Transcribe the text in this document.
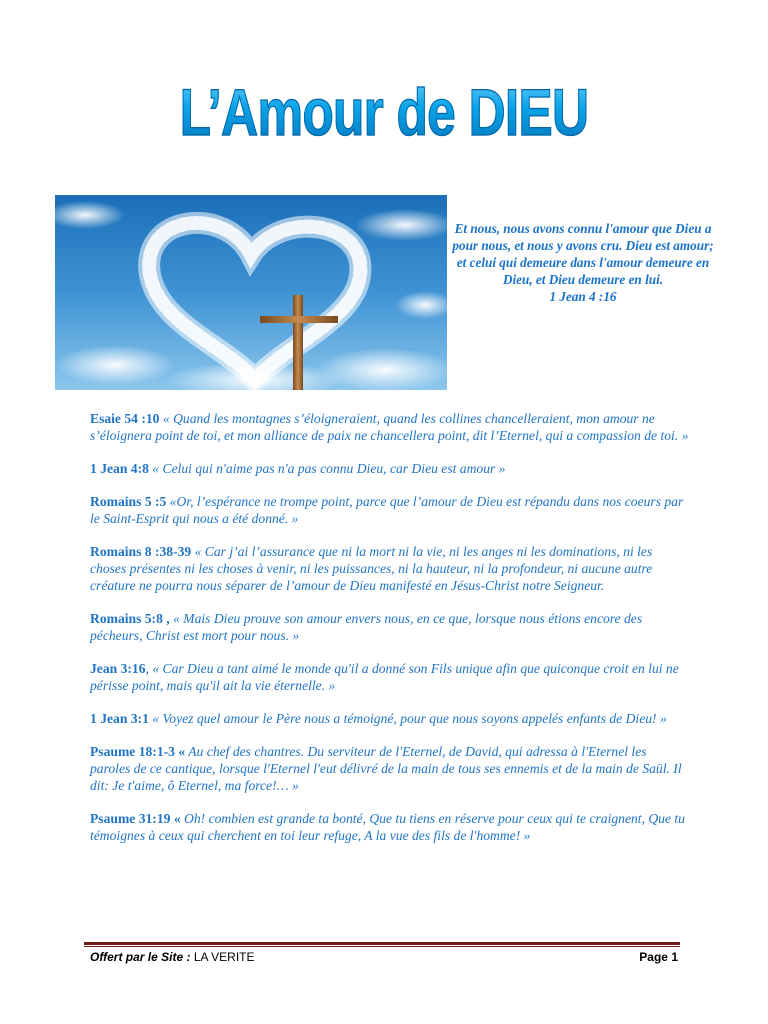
L’Amour de DIEU
Et nous, nous avons connu l'amour que Dieu a pour nous, et nous y avons cru. Dieu est amour; et celui qui demeure dans l'amour demeure en Dieu, et Dieu demeure en lui.
1 Jean 4 :16

Esaie 54 :10 « Quand les montagnes s’éloigneraient, quand les collines chancelleraient, mon amour ne s’éloignera point de toi, et mon alliance de paix ne chancellera point, dit l’Eternel, qui a compassion de toi. »

1 Jean 4:8 « Celui qui n'aime pas n'a pas connu Dieu, car Dieu est amour »

Romains 5 :5 «Or, l’espérance ne trompe point, parce que l’amour de Dieu est répandu dans nos coeurs par le Saint-Esprit qui nous a été donné. »

Romains 8 :38-39 « Car j’ai l’assurance que ni la mort ni la vie, ni les anges ni les dominations, ni les choses présentes ni les choses à venir, ni les puissances, ni la hauteur, ni la profondeur, ni aucune autre créature ne pourra nous séparer de l’amour de Dieu manifesté en Jésus-Christ notre Seigneur.

Romains 5:8 , « Mais Dieu prouve son amour envers nous, en ce que, lorsque nous étions encore des pécheurs, Christ est mort pour nous. »

Jean 3:16, « Car Dieu a tant aimé le monde qu'il a donné son Fils unique afin que quiconque croit en lui ne périsse point, mais qu'il ait la vie éternelle. »

1 Jean 3:1 « Voyez quel amour le Père nous a témoigné, pour que nous soyons appelés enfants de Dieu! »

Psaume 18:1-3 « Au chef des chantres. Du serviteur de l'Eternel, de David, qui adressa à l'Eternel les paroles de ce cantique, lorsque l'Eternel l'eut délivré de la main de tous ses ennemis et de la main de Saül. Il dit: Je t'aime, ô Eternel, ma force!… »

Psaume 31:19 « Oh! combien est grande ta bonté, Que tu tiens en réserve pour ceux qui te craignent, Que tu témoignes à ceux qui cherchent en toi leur refuge, A la vue des fils de l'homme! »

Offert par le Site : LA VERITE	Page 1
